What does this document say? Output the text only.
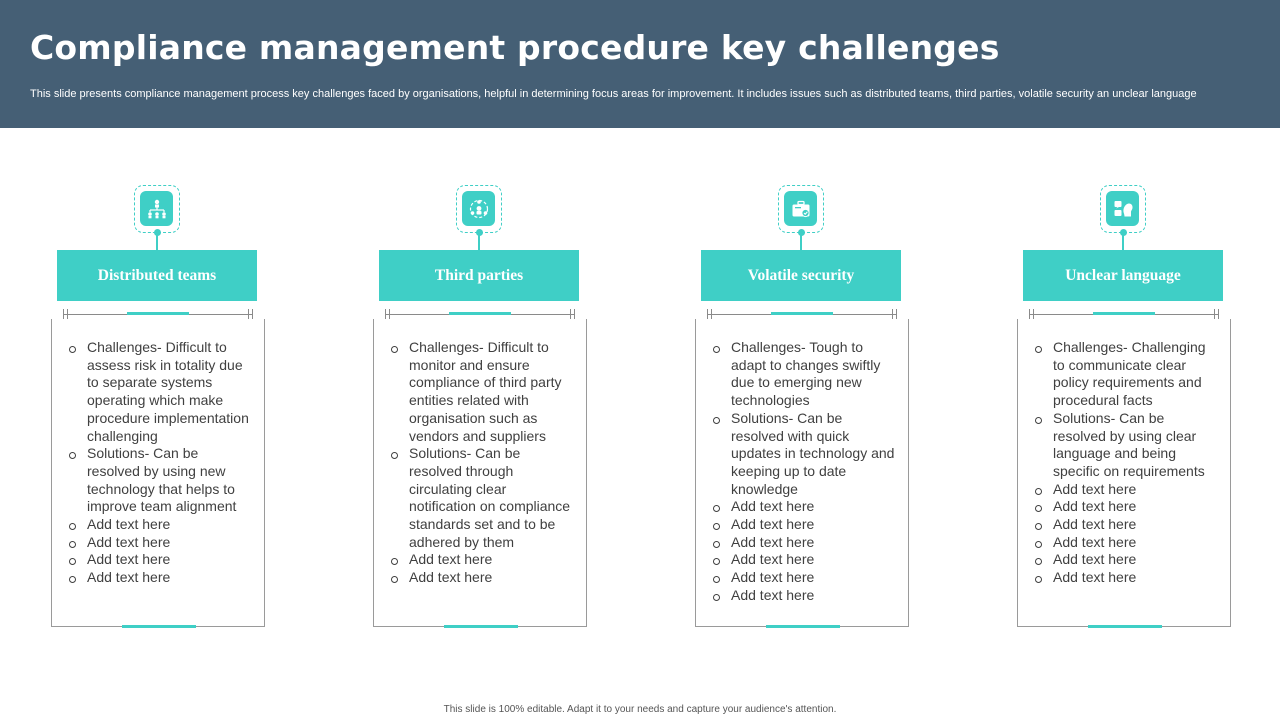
Compliance management procedure key challenges
This slide presents compliance management process key challenges faced by organisations, helpful in determining focus areas for improvement. It includes issues such as distributed teams, third parties, volatile security an unclear language
Distributed teams
Challenges- Difficult to assess risk in totality due to separate systems operating which make procedure implementation challenging
Solutions- Can be resolved by using new technology that helps to improve team alignment
Add text here
Add text here
Add text here
Add text here
Third parties
Challenges- Difficult to monitor and ensure compliance of third party entities related with organisation such as vendors and suppliers
Solutions- Can be resolved through circulating clear notification on compliance standards set and to be adhered by them
Add text here
Add text here
Volatile security
Challenges- Tough to adapt to changes swiftly due to emerging new technologies
Solutions- Can be resolved with quick updates in technology and keeping up to date knowledge
Add text here
Add text here
Add text here
Add text here
Add text here
Add text here
Unclear language
Challenges- Challenging to communicate clear policy requirements and procedural facts
Solutions- Can be resolved by using clear language and being specific on requirements
Add text here
Add text here
Add text here
Add text here
Add text here
Add text here
This slide is 100% editable. Adapt it to your needs and capture your audience's attention.
